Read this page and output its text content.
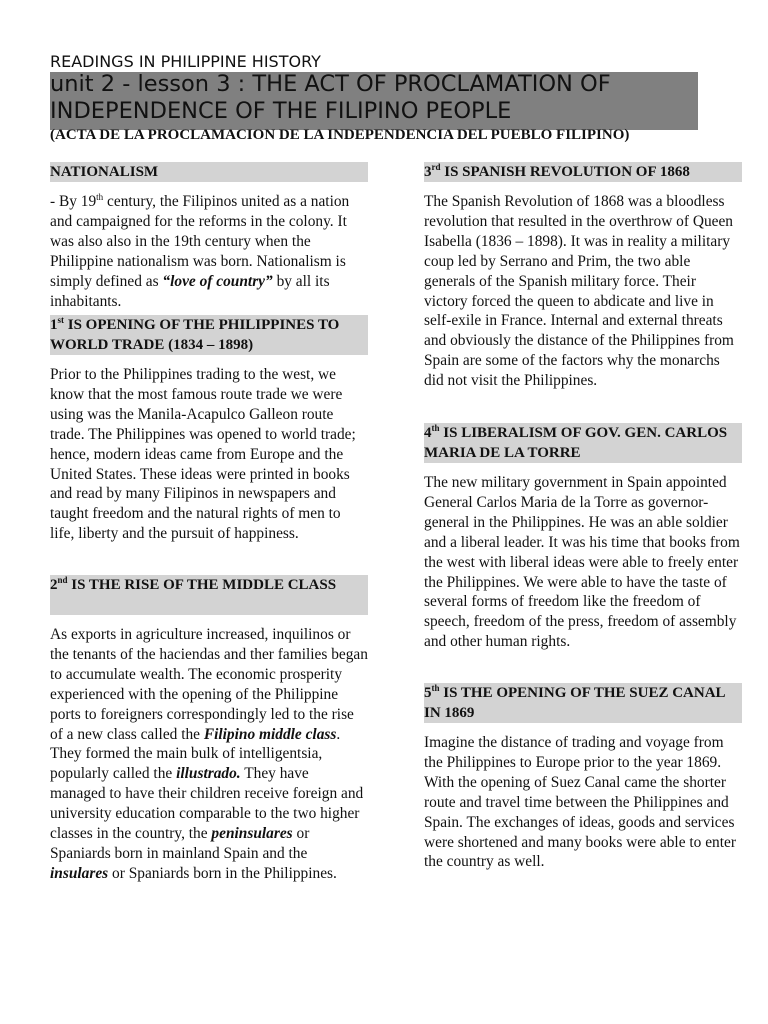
READINGS IN PHILIPPINE HISTORY
unit 2 - lesson 3 : THE ACT OF PROCLAMATION OF INDEPENDENCE OF THE FILIPINO PEOPLE
(ACTA DE LA PROCLAMACION DE LA INDEPENDENCIA DEL PUEBLO FILIPINO)
NATIONALISM

- By 19th century, the Filipinos united as a nation and campaigned for the reforms in the colony. It was also also in the 19th century when the Philippine nationalism was born. Nationalism is simply defined as “love of country” by all its inhabitants.

1st IS OPENING OF THE PHILIPPINES TO WORLD TRADE (1834 – 1898)

Prior to the Philippines trading to the west, we know that the most famous route trade we were using was the Manila-Acapulco Galleon route trade. The Philippines was opened to world trade; hence, modern ideas came from Europe and the United States. These ideas were printed in books and read by many Filipinos in newspapers and taught freedom and the natural rights of men to life, liberty and the pursuit of happiness.

2nd IS THE RISE OF THE MIDDLE CLASS

As exports in agriculture increased, inquilinos or the tenants of the haciendas and ther families began to accumulate wealth. The economic prosperity experienced with the opening of the Philippine ports to foreigners correspondingly led to the rise of a new class called the Filipino middle class. They formed the main bulk of intelligentsia, popularly called the illustrado. They have managed to have their children receive foreign and university education comparable to the two higher classes in the country, the peninsulares or Spaniards born in mainland Spain and the insulares or Spaniards born in the Philippines.

3rd IS SPANISH REVOLUTION OF 1868

The Spanish Revolution of 1868 was a bloodless revolution that resulted in the overthrow of Queen Isabella (1836 – 1898). It was in reality a military coup led by Serrano and Prim, the two able generals of the Spanish military force. Their victory forced the queen to abdicate and live in self-exile in France. Internal and external threats and obviously the distance of the Philippines from Spain are some of the factors why the monarchs did not visit the Philippines.

4th IS LIBERALISM OF GOV. GEN. CARLOS MARIA DE LA TORRE

The new military government in Spain appointed General Carlos Maria de la Torre as governor-general in the Philippines. He was an able soldier and a liberal leader. It was his time that books from the west with liberal ideas were able to freely enter the Philippines. We were able to have the taste of several forms of freedom like the freedom of speech, freedom of the press, freedom of assembly and other human rights.

5th IS THE OPENING OF THE SUEZ CANAL IN 1869

Imagine the distance of trading and voyage from the Philippines to Europe prior to the year 1869. With the opening of Suez Canal came the shorter route and travel time between the Philippines and Spain. The exchanges of ideas, goods and services were shortened and many books were able to enter the country as well.
